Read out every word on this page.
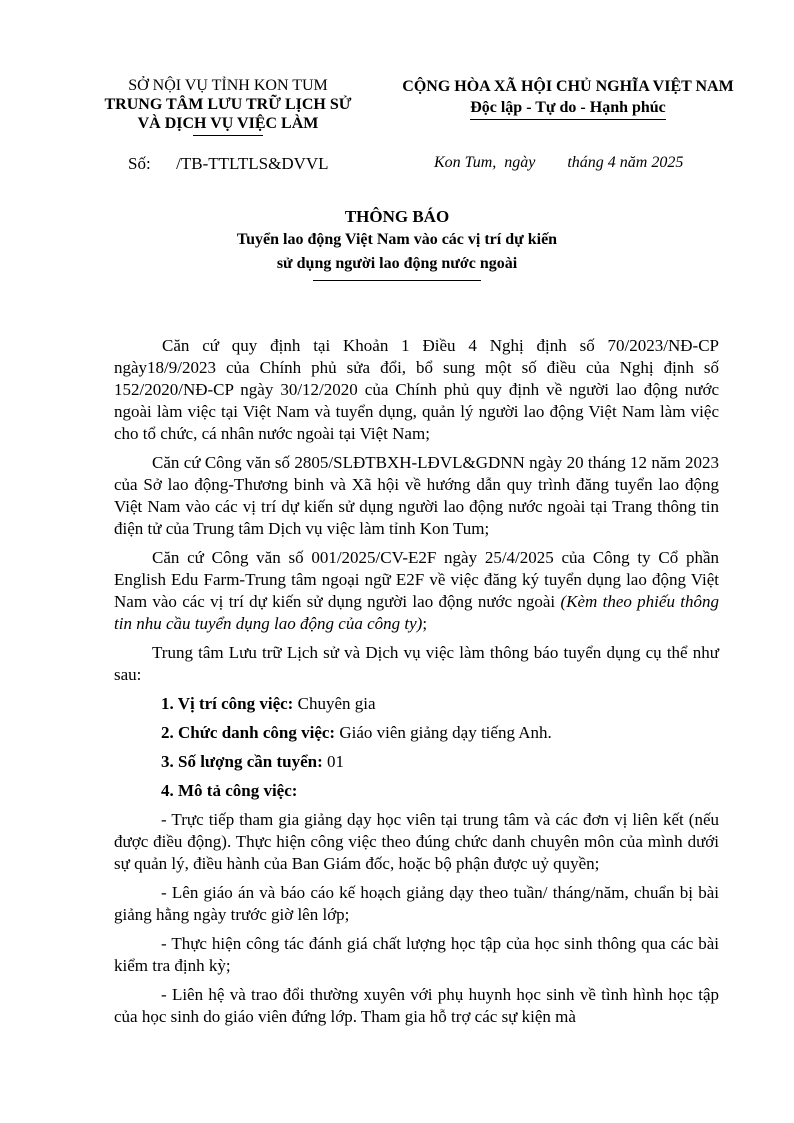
SỞ NỘI VỤ TỈNH KON TUM
TRUNG TÂM LƯU TRỮ LỊCH SỬ
VÀ DỊCH VỤ VIỆC LÀM
CỘNG HÒA XÃ HỘI CHỦ NGHĨA VIỆT NAM
Độc lập - Tự do - Hạnh phúc
Số:      /TB-TTLTLS&DVVL	Kon Tum,  ngày        tháng 4 năm 2025
THÔNG BÁO
Tuyển lao động Việt Nam vào các vị trí dự kiến
sử dụng người lao động nước ngoài

Căn cứ quy định tại Khoản 1 Điều 4 Nghị định số 70/2023/NĐ-CP ngày18/9/2023 của Chính phủ sửa đổi, bổ sung một số điều của Nghị định số 152/2020/NĐ-CP ngày 30/12/2020 của Chính phủ quy định về người lao động nước ngoài làm việc tại Việt Nam và tuyển dụng, quản lý người lao động Việt Nam làm việc cho tổ chức, cá nhân nước ngoài tại Việt Nam;

Căn cứ Công văn số 2805/SLĐTBXH-LĐVL&GDNN ngày 20 tháng 12 năm 2023 của Sở lao động-Thương binh và Xã hội về hướng dẫn quy trình đăng tuyển lao động Việt Nam vào các vị trí dự kiến sử dụng người lao động nước ngoài tại Trang thông tin điện tử của Trung tâm Dịch vụ việc làm tỉnh Kon Tum;

Căn cứ Công văn số 001/2025/CV-E2F ngày 25/4/2025 của Công ty Cổ phần English Edu Farm-Trung tâm ngoại ngữ E2F về việc đăng ký tuyển dụng lao động Việt Nam vào các vị trí dự kiến sử dụng người lao động nước ngoài (Kèm theo phiếu thông tin nhu cầu tuyển dụng lao động của công ty);

Trung tâm Lưu trữ Lịch sử và Dịch vụ việc làm thông báo tuyển dụng cụ thể như sau:

1. Vị trí công việc: Chuyên gia

2. Chức danh công việc: Giáo viên giảng dạy tiếng Anh.

3. Số lượng cần tuyển: 01

4. Mô tả công việc:

- Trực tiếp tham gia giảng dạy học viên tại trung tâm và các đơn vị liên kết (nếu được điều động). Thực hiện công việc theo đúng chức danh chuyên môn của mình dưới sự quản lý, điều hành của Ban Giám đốc, hoặc bộ phận được uỷ quyền;

- Lên giáo án và báo cáo kế hoạch giảng dạy theo tuần/ tháng/năm, chuẩn bị bài giảng hằng ngày trước giờ lên lớp;

- Thực hiện công tác đánh giá chất lượng học tập của học sinh thông qua các bài kiểm tra định kỳ;

- Liên hệ và trao đổi thường xuyên với phụ huynh học sinh về tình hình học tập của học sinh do giáo viên đứng lớp. Tham gia hỗ trợ các sự kiện mà
